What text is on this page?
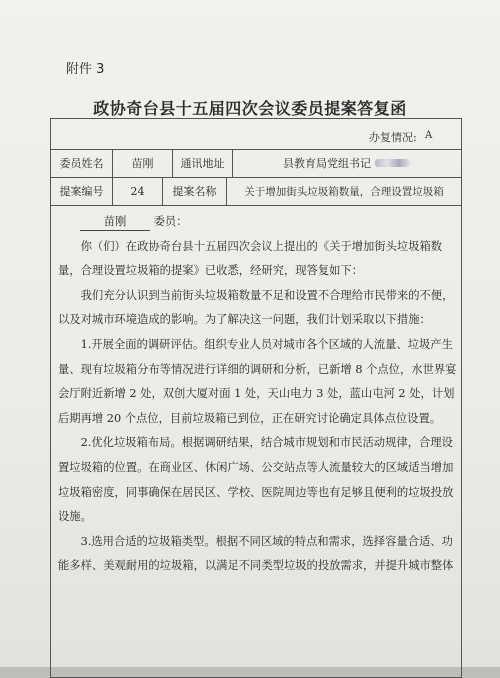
附件 3
政协奇台县十五届四次会议委员提案答复函
办复情况: A
委员姓名	苗刚	通讯地址	县教育局党组书记
提案编号	24	提案名称	关于增加街头垃圾箱数量，合理设置垃圾箱

苗刚 委员：

你（们）在政协奇台县十五届四次会议上提出的《关于增加街头垃圾箱数量，合理设置垃圾箱的提案》已收悉，经研究，现答复如下：

我们充分认识到当前街头垃圾箱数量不足和设置不合理给市民带来的不便，以及对城市环境造成的影响。为了解决这一问题，我们计划采取以下措施：

1.开展全面的调研评估。组织专业人员对城市各个区域的人流量、垃圾产生量、现有垃圾箱分布等情况进行详细的调研和分析，已新增 8 个点位，水世界宴会厅附近新增 2 处，双创大厦对面 1 处，天山电力 3 处，蓝山屯河 2 处，计划后期再增 20 个点位，目前垃圾箱已到位，正在研究讨论确定具体点位设置。

2.优化垃圾箱布局。根据调研结果，结合城市规划和市民活动规律，合理设置垃圾箱的位置。在商业区、休闲广场、公交站点等人流量较大的区域适当增加垃圾箱密度，同事确保在居民区、学校、医院周边等也有足够且便利的垃圾投放设施。

3.选用合适的垃圾箱类型。根据不同区域的特点和需求，选择容量合适、功能多样、美观耐用的垃圾箱，以满足不同类型垃圾的投放需求，并提升城市整体
